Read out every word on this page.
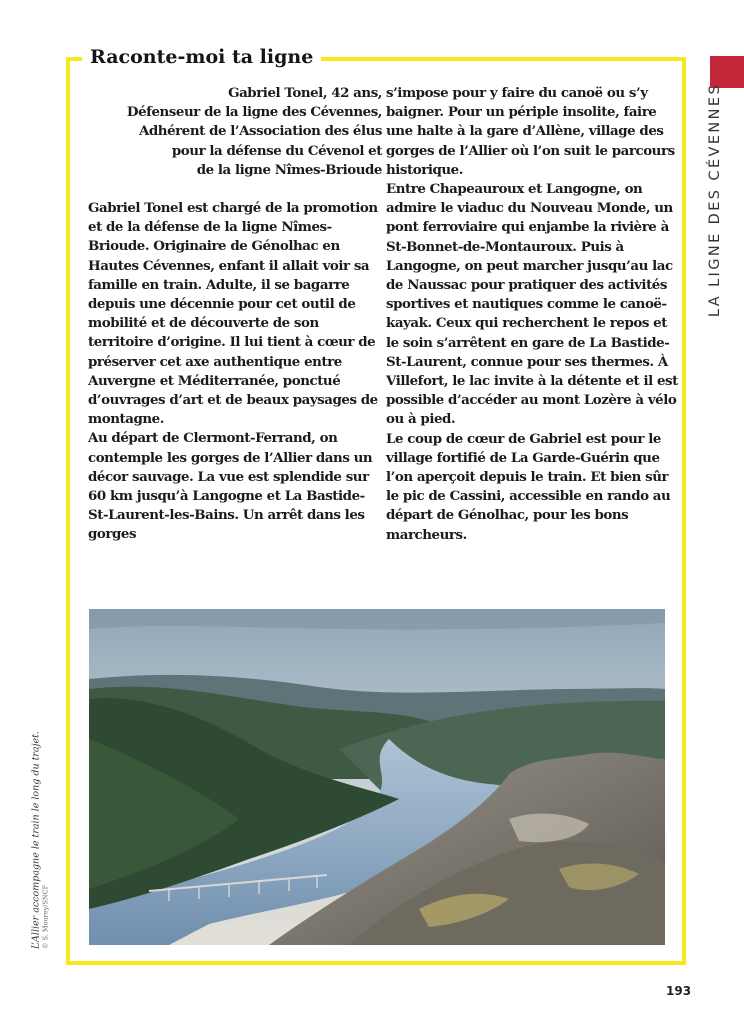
Raconte-moi ta ligne
Gabriel Tonel, 42 ans,
Défenseur de la ligne des Cévennes,
Adhérent de l’Association des élus
pour la défense du Cévenol et
de la ligne Nîmes-Brioude

Gabriel Tonel est chargé de la promotion et de la défense de la ligne Nîmes-Brioude. Originaire de Génolhac en Hautes Cévennes, enfant il allait voir sa famille en train. Adulte, il se bagarre depuis une décennie pour cet outil de mobilité et de découverte de son territoire d’origine. Il lui tient à cœur de préserver cet axe authentique entre Auvergne et Méditerranée, ponctué d’ouvrages d’art et de beaux paysages de montagne.

Au départ de Clermont-Ferrand, on contemple les gorges de l’Allier dans un décor sauvage. La vue est splendide sur 60 km jusqu’à Langogne et La Bastide-St-Laurent-les-Bains. Un arrêt dans les gorges

s’impose pour y faire du canoë ou s’y baigner. Pour un périple insolite, faire une halte à la gare d’Allène, village des gorges de l’Allier où l’on suit le parcours historique.

Entre Chapeauroux et Langogne, on admire le viaduc du Nouveau Monde, un pont ferroviaire qui enjambe la rivière à St-Bonnet-de-Montauroux. Puis à Langogne, on peut marcher jusqu’au lac de Naussac pour pratiquer des activités sportives et nautiques comme le canoë-kayak. Ceux qui recherchent le repos et le soin s’arrêtent en gare de La Bastide-St-Laurent, connue pour ses thermes. À Villefort, le lac invite à la détente et il est possible d’accéder au mont Lozère à vélo ou à pied.

Le coup de cœur de Gabriel est pour le village fortifié de La Garde-Guérin que l’on aperçoit depuis le train. Et bien sûr le pic de Cassini, accessible en rando au départ de Génolhac, pour les bons marcheurs.

LA LIGNE DES CÉVENNES
L’Allier accompagne le train le long du trajet. © S. Mourey/SNCF
193
